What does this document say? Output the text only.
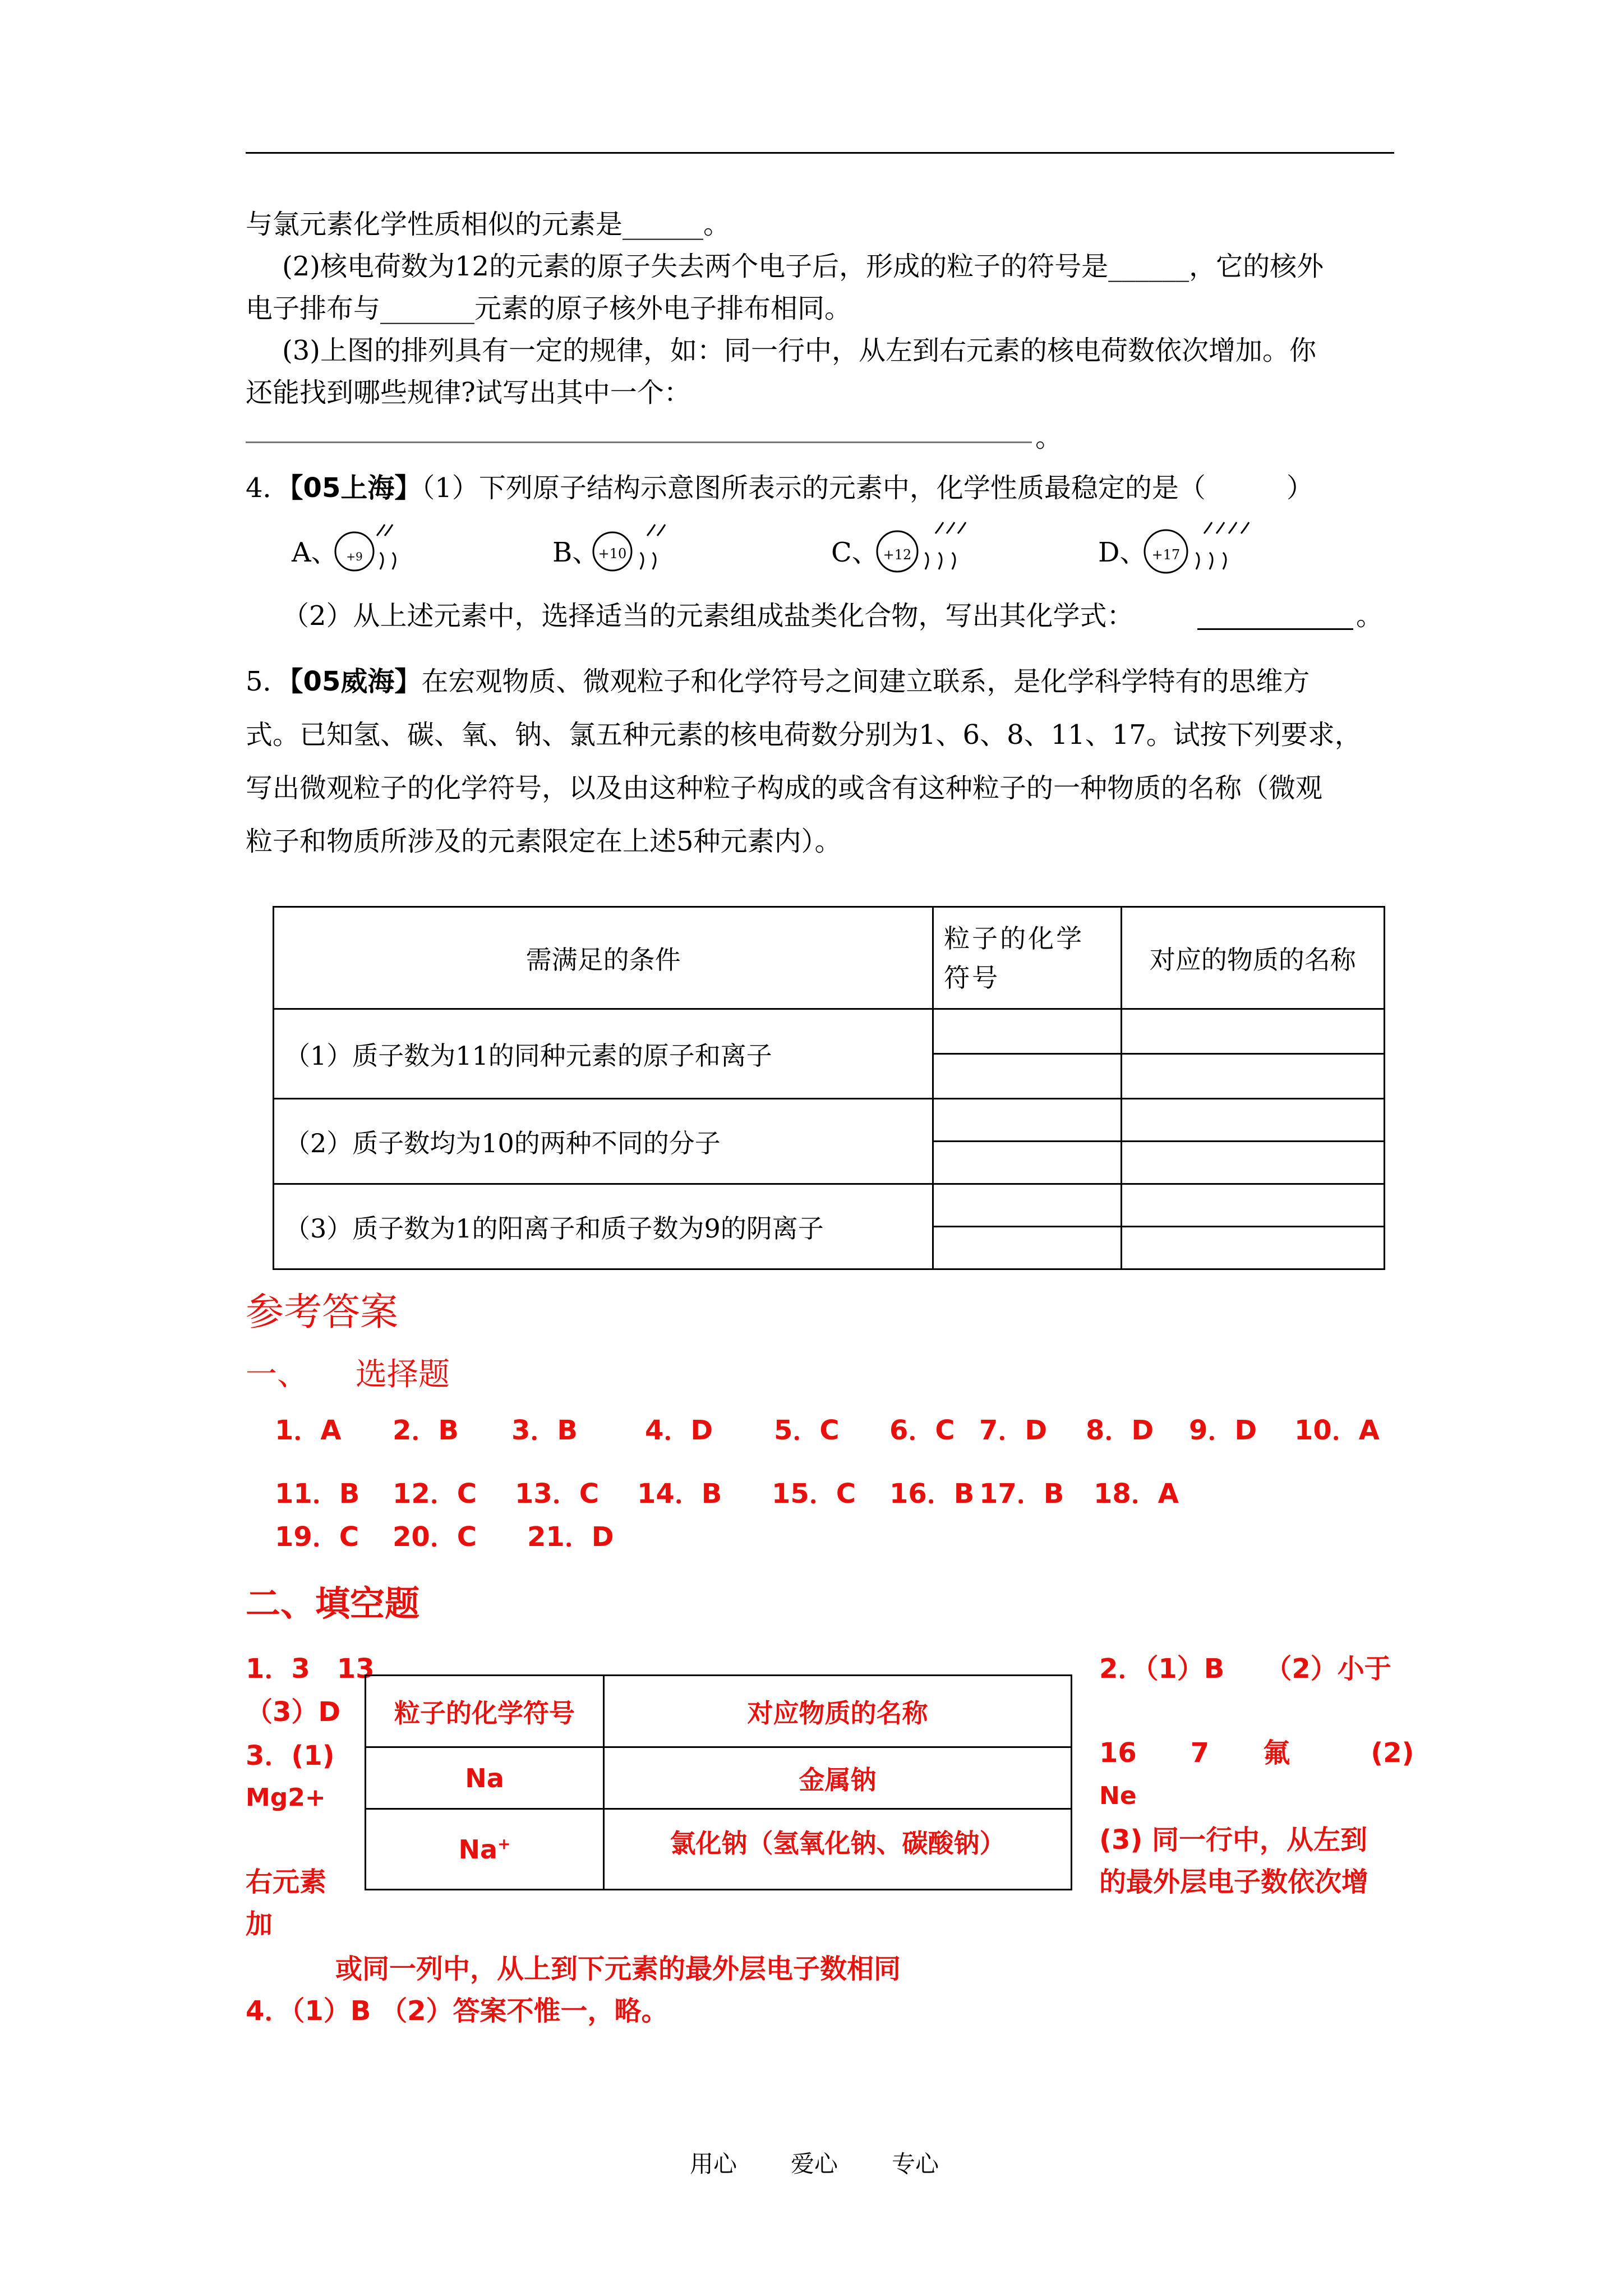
与氯元素化学性质相似的元素是______。
(2)核电荷数为12的元素的原子失去两个电子后，形成的粒子的符号是______，它的核外
电子排布与_______元素的原子核外电子排布相同。
(3)上图的排列具有一定的规律，如：同一行中，从左到右元素的核电荷数依次增加。你
还能找到哪些规律?试写出其中一个：
。
4．【05上海】（1）下列原子结构示意图所表示的元素中，化学性质最稳定的是（　　　）
A、 +9	B、
+10	C、 +12	D、 +17
（2）从上述元素中，选择适当的元素组成盐类化合物，写出其化学式：	。
5．【05威海】在宏观物质、微观粒子和化学符号之间建立联系，是化学科学特有的思维方
式。已知氢、碳、氧、钠、氯五种元素的核电荷数分别为1、6、8、11、17。试按下列要求，
写出微观粒子的化学符号，以及由这种粒子构成的或含有这种粒子的一种物质的名称（微观
粒子和物质所涉及的元素限定在上述5种元素内）。
需满足的条件	粒子的化学符号	对应的物质的名称
（1）质子数为11的同种元素的原子和离子		

（2）质子数均为10的两种不同的分子		

（3）质子数为1的阳离子和质子数为9的阴离子		

参考答案
一、　　选择题
1．A 2．B 3．B	4．D 5．C 6．C 7．D 8．D 9．D 10．A
11．B 12．C 13．C 14．B 15．C 16．B 17．B 18．A
19．C 20．C 21．D
二、填空题
1．3　13
（3）D
3．(1)
Mg2+
右元素
加
粒子的化学符号	对应物质的名称
Na	金属钠
Na+	氯化钠（氢氧化钠、碳酸钠）
2．（1）B　　（2）小于
16　　7　　氟　　　(2)
Ne
(3) 同一行中，从左到
的最外层电子数依次增
或同一列中，从上到下元素的最外层电子数相同
4．（1）B （2）答案不惟一，略。
用心 爱心 专心
